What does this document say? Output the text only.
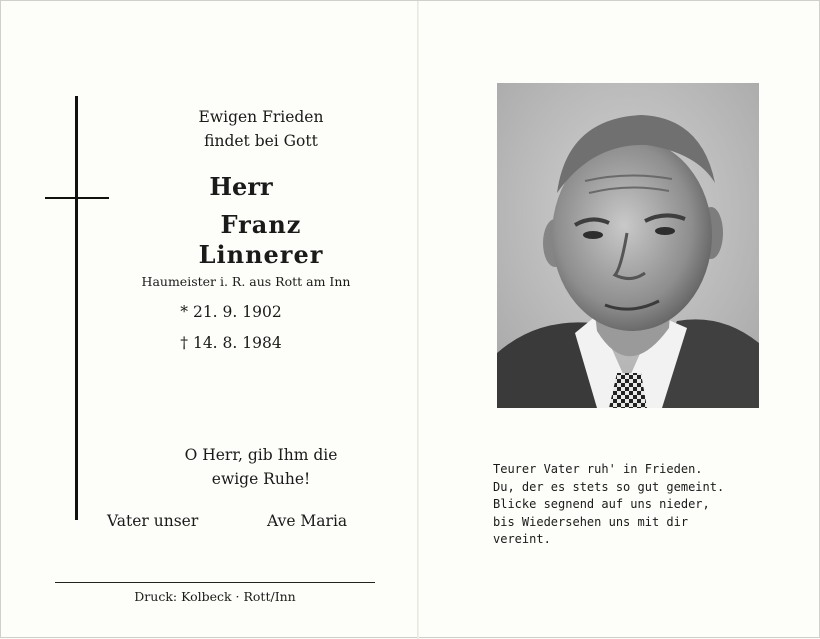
Ewigen Frieden
findet bei Gott
Herr
Franz
Linnerer
Haumeister i. R. aus Rott am Inn
* 21. 9. 1902
† 14. 8. 1984
O Herr, gib Ihm die
ewige Ruhe!
Vater unser	Ave Maria
Druck: Kolbeck · Rott/Inn
Teurer Vater ruh' in Frieden.
Du, der es stets so gut gemeint.
Blicke segnend auf uns nieder,
bis Wiedersehen uns mit dir
vereint.
